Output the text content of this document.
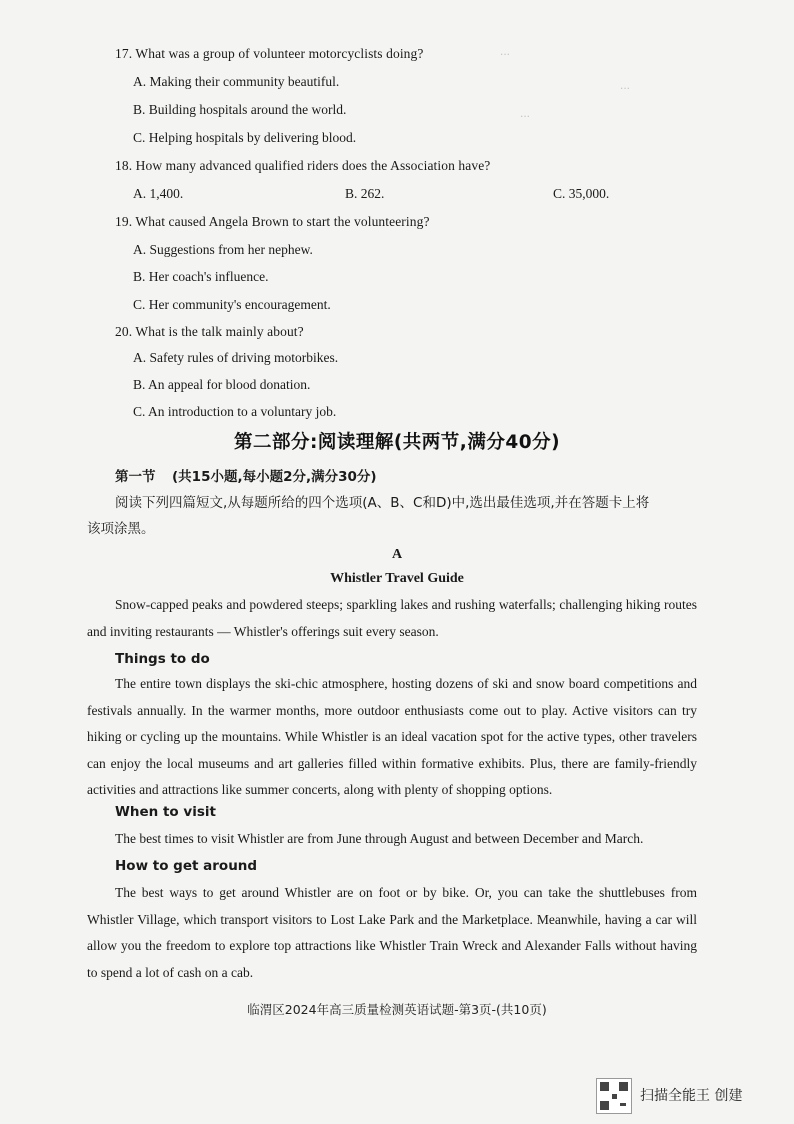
...
...
...
17. What was a group of volunteer motorcyclists doing?
A. Making their community beautiful.
B. Building hospitals around the world.
C. Helping hospitals by delivering blood.
18. How many advanced qualified riders does the Association have?
A. 1,400.	B. 262.	C. 35,000.
19. What caused Angela Brown to start the volunteering?
A. Suggestions from her nephew.
B. Her coach's influence.
C. Her community's encouragement.
20. What is the talk mainly about?
A. Safety rules of driving motorbikes.
B. An appeal for blood donation.
C. An introduction to a voluntary job.
第二部分:阅读理解(共两节,满分40分)
第一节 (共15小题,每小题2分,满分30分)
阅读下列四篇短文,从每题所给的四个选项(A、B、C和D)中,选出最佳选项,并在答题卡上将
该项涂黑。
A
Whistler Travel Guide
Snow-capped peaks and powdered steeps; sparkling lakes and rushing waterfalls; challenging hiking routes and inviting restaurants — Whistler's offerings suit every season.
Things to do
The entire town displays the ski-chic atmosphere, hosting dozens of ski and snow board competitions and festivals annually. In the warmer months, more outdoor enthusiasts come out to play. Active visitors can try hiking or cycling up the mountains. While Whistler is an ideal vacation spot for the active types, other travelers can enjoy the local museums and art galleries filled within formative exhibits. Plus, there are family-friendly activities and attractions like summer concerts, along with plenty of shopping options.
When to visit
The best times to visit Whistler are from June through August and between December and March.
How to get around
The best ways to get around Whistler are on foot or by bike. Or, you can take the shuttlebuses from Whistler Village, which transport visitors to Lost Lake Park and the Marketplace. Meanwhile, having a car will allow you the freedom to explore top attractions like Whistler Train Wreck and Alexander Falls without having to spend a lot of cash on a cab.
临渭区2024年高三质量检测英语试题-第3页-(共10页)
扫描全能王 创建
